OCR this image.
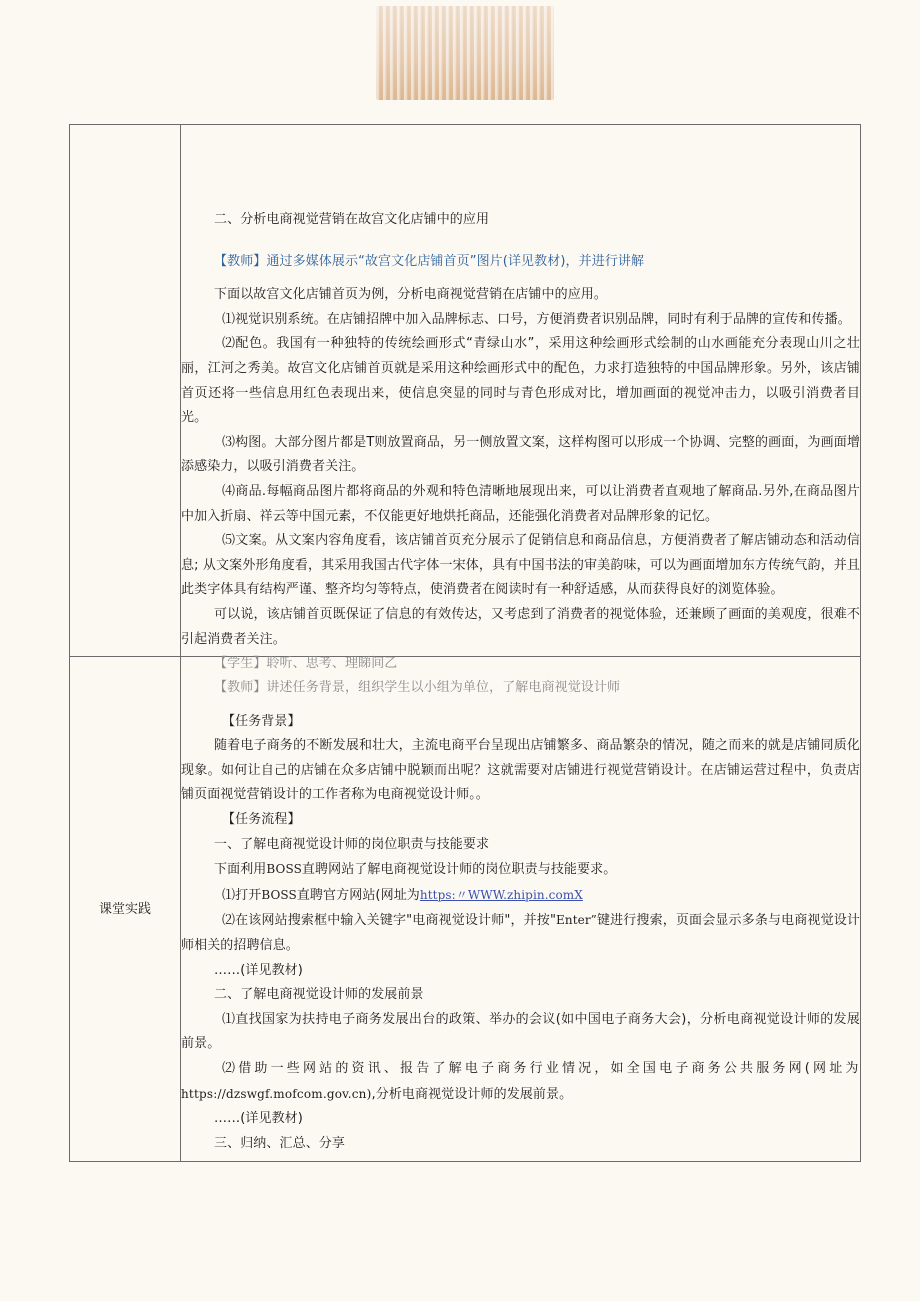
二、分析电商视觉营销在故宫文化店铺中的应用

【教师】通过多媒体展示“故宫文化店铺首页”图片(详见教材)，并进行讲解

下面以故宫文化店铺首页为例，分析电商视觉营销在店铺中的应用。

⑴视觉识别系统。在店铺招牌中加入品牌标志、口号，方便消费者识别品牌，同时有利于品牌的宣传和传播。

⑵配色。我国有一种独特的传统绘画形式“青绿山水”，采用这种绘画形式绘制的山水画能充分表现山川之壮丽，江河之秀美。故宫文化店铺首页就是采用这种绘画形式中的配色，力求打造独特的中国品牌形象。另外，该店铺首页还将一些信息用红色表现出来，使信息突显的同时与青色形成对比，增加画面的视觉冲击力，以吸引消费者目光。

⑶构图。大部分图片都是T则放置商品，另一侧放置文案，这样构图可以形成一个协调、完整的画面，为画面增添感染力，以吸引消费者关注。

⑷商品.每幅商品图片都将商品的外观和特色清晰地展现出来，可以让消费者直观地了解商品.另外,在商品图片中加入折扇、祥云等中国元素，不仅能更好地烘托商品，还能强化消费者对品牌形象的记忆。

⑸文案。从文案内容角度看，该店铺首页充分展示了促销信息和商品信息，方便消费者了解店铺动态和活动信息; 从文案外形角度看，其采用我国古代字体一宋体，具有中国书法的审美韵味，可以为画面增加东方传统气韵，并且此类字体具有结构严谨、整齐均匀等特点，使消费者在阅读时有一种舒适感，从而获得良好的浏览体验。

可以说，该店铺首页既保证了信息的有效传达，又考虑到了消费者的视觉体验，还兼顾了画面的美观度，很难不引起消费者关注。

【学生】聆听、思考、理睇间乙

课堂实践

【教师】讲述任务背景，组织学生以小组为单位，了解电商视觉设计师

【任务背景】

随着电子商务的不断发展和壮大，主流电商平台呈现出店铺繁多、商品繁杂的情况，随之而来的就是店铺同质化现象。如何让自己的店铺在众多店铺中脱颖而出呢？这就需要对店铺进行视觉营销设计。在店铺运营过程中，负责店铺页面视觉营销设计的工作者称为电商视觉设计师。。

【任务流程】

一、了解电商视觉设计师的岗位职责与技能要求

下面利用BOSS直聘网站了解电商视觉设计师的岗位职责与技能要求。

⑴打开BOSS直聘官方网站(网址为https:〃WWW.zhipin.comX

⑵在该网站搜索框中输入关键字"电商视觉设计师"，并按"Enter”键进行搜索，页面会显示多条与电商视觉设计师相关的招聘信息。

……(详见教材)

二、了解电商视觉设计师的发展前景

⑴直找国家为扶持电子商务发展出台的政策、举办的会议(如中国电子商务大会)，分析电商视觉设计师的发展前景。

⑵借助一些网站的资讯、报告了解电子商务行业情况，如全国电子商务公共服务网(网址为https://dzswgf.mofcom.gov.cn),分析电商视觉设计师的发展前景。

……(详见教材)

三、归纳、汇总、分享
